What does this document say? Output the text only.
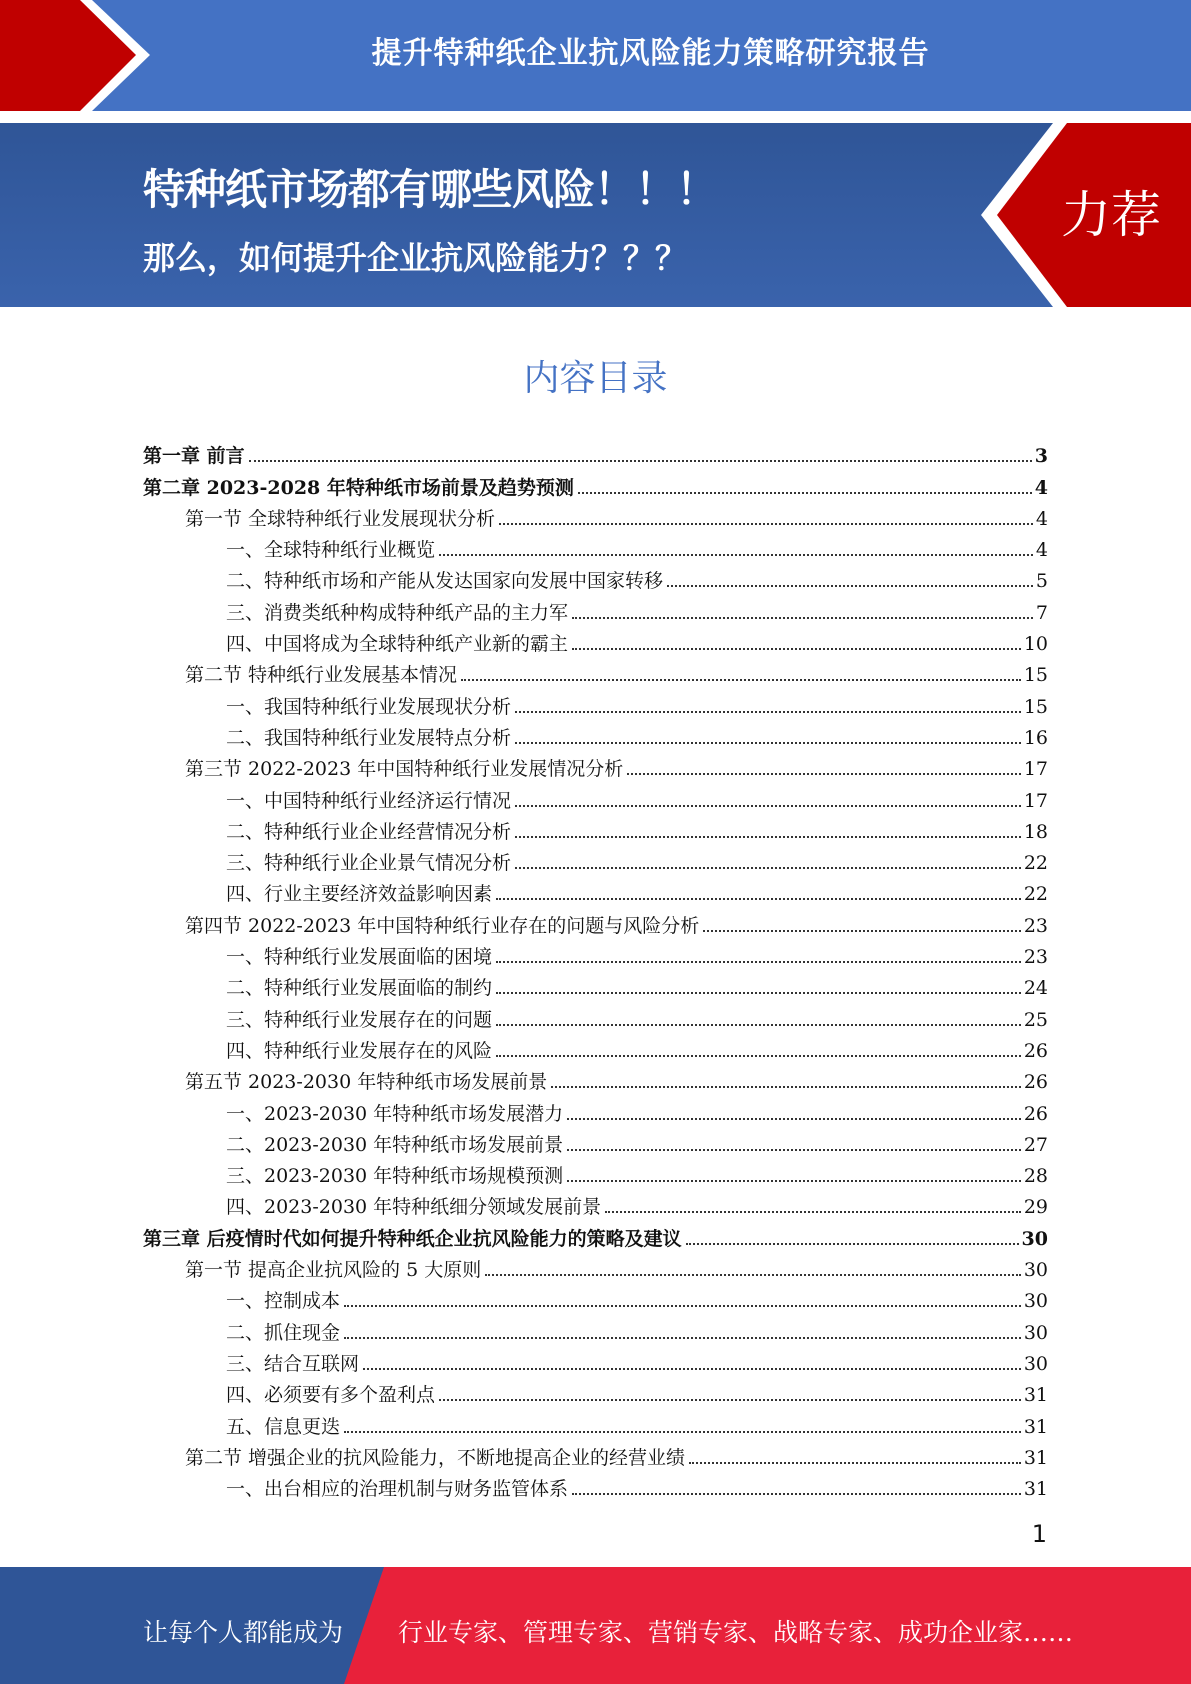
提升特种纸企业抗风险能力策略研究报告
特种纸市场都有哪些风险！！！
那么，如何提升企业抗风险能力？？？
力荐
内容目录
第一章 前言	3
第二章 2023-2028 年特种纸市场前景及趋势预测	4
第一节 全球特种纸行业发展现状分析	4
一、全球特种纸行业概览	4
二、特种纸市场和产能从发达国家向发展中国家转移	5
三、消费类纸种构成特种纸产品的主力军	7
四、中国将成为全球特种纸产业新的霸主	10
第二节 特种纸行业发展基本情况	15
一、我国特种纸行业发展现状分析	15
二、我国特种纸行业发展特点分析	16
第三节 2022-2023 年中国特种纸行业发展情况分析	17
一、中国特种纸行业经济运行情况	17
二、特种纸行业企业经营情况分析	18
三、特种纸行业企业景气情况分析	22
四、行业主要经济效益影响因素	22
第四节 2022-2023 年中国特种纸行业存在的问题与风险分析	23
一、特种纸行业发展面临的困境	23
二、特种纸行业发展面临的制约	24
三、特种纸行业发展存在的问题	25
四、特种纸行业发展存在的风险	26
第五节 2023-2030 年特种纸市场发展前景	26
一、2023-2030 年特种纸市场发展潜力	26
二、2023-2030 年特种纸市场发展前景	27
三、2023-2030 年特种纸市场规模预测	28
四、2023-2030 年特种纸细分领域发展前景	29
第三章 后疫情时代如何提升特种纸企业抗风险能力的策略及建议	30
第一节 提高企业抗风险的 5 大原则	30
一、控制成本	30
二、抓住现金	30
三、结合互联网	30
四、必须要有多个盈利点	31
五、信息更迭	31
第二节 增强企业的抗风险能力，不断地提高企业的经营业绩	31
一、出台相应的治理机制与财务监管体系	31
1
让每个人都能成为 行业专家、管理专家、营销专家、战略专家、成功企业家……
